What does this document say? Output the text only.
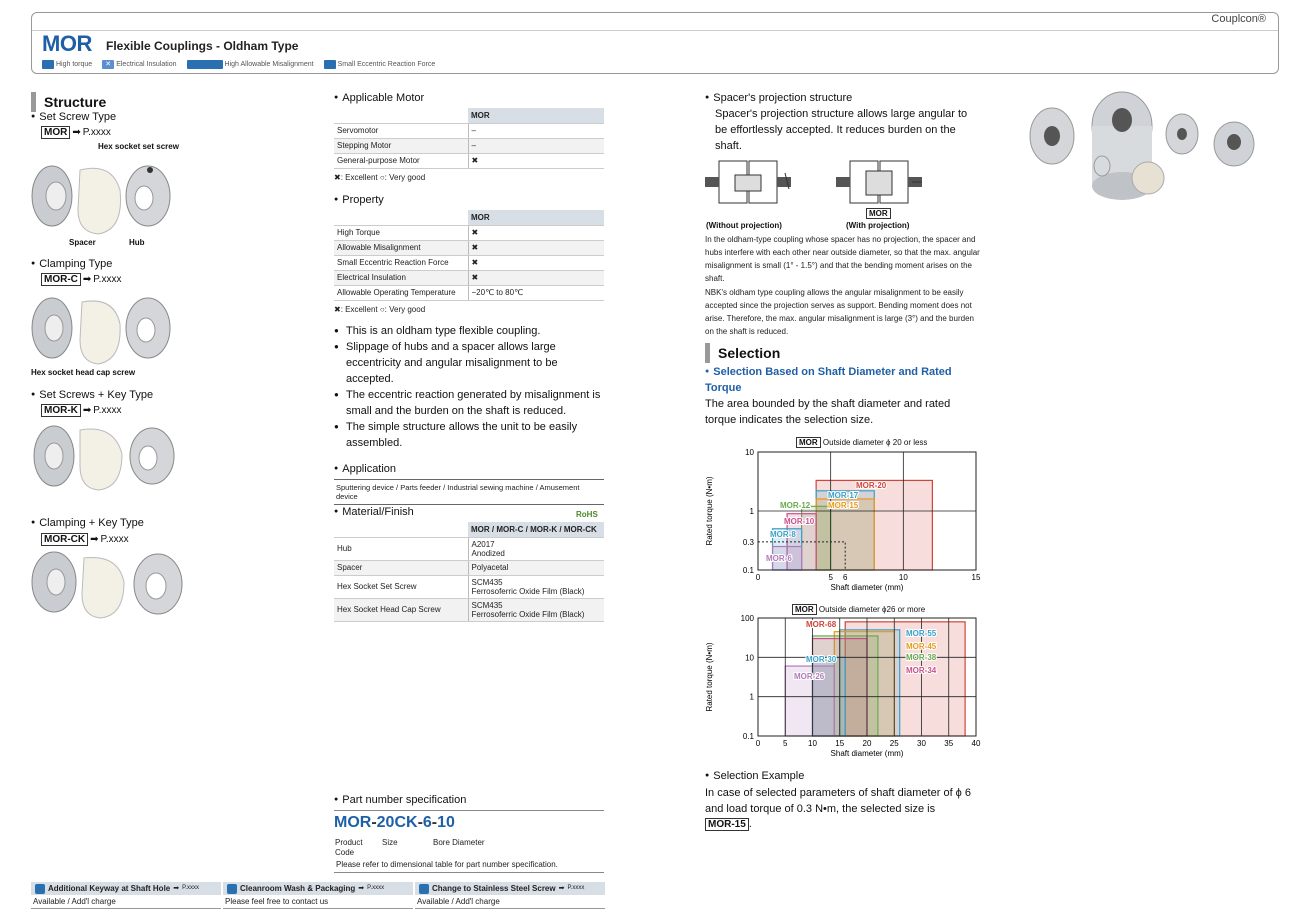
Couplcon®
MOR Flexible Couplings - Oldham Type
High torque	✕ Electrical Insulation	High Allowable Misalignment	Small Eccentric Reaction Force
Structure
● Set Screw Type
MOR ➡ P.xxxx
Hex socket set screw
Spacer	Hub
● Clamping Type
MOR-C ➡ P.xxxx
Hex socket head cap screw
● Set Screws + Key Type
MOR-K ➡ P.xxxx
● Clamping + Key Type
MOR-CK ➡ P.xxxx
● Applicable Motor
	MOR
Servomotor	–
Stepping Motor	–
General-purpose Motor	✖
✖: Excellent ○: Very good
● Property
	MOR
High Torque	✖
Allowable Misalignment	✖
Small Eccentric Reaction Force	✖
Electrical Insulation	✖
Allowable Operating Temperature	−20℃ to 80℃
✖: Excellent ○: Very good
● This is an oldham type flexible coupling.
● Slippage of hubs and a spacer allows large eccentricity and angular misalignment to be accepted.
● The eccentric reaction generated by misalignment is small and the burden on the shaft is reduced.
● The simple structure allows the unit to be easily assembled.
● Application
Sputtering device / Parts feeder / Industrial sewing machine / Amusement device
● Material/Finish	RoHS
	MOR / MOR-C / MOR-K / MOR-CK
Hub	A2017
Anodized

Spacer	Polyacetal
Hex Socket Set Screw	SCM435
Ferrosoferric Oxide Film (Black)

Hex Socket Head Cap Screw	SCM435
Ferrosoferric Oxide Film (Black)
● Part number specification
MOR-20CK-6-10
Product Code
Size	Bore Diameter
Please refer to dimensional table for part number specification.
Additional Keyway at Shaft Hole ➡ P.xxxx
Available / Add'l charge
Cleanroom Wash & Packaging ➡ P.xxxx
Please feel free to contact us
Change to Stainless Steel Screw ➡ P.xxxx
Available / Add'l charge
● Spacer's projection structure
Spacer's projection structure allows large angular to be effortlessly accepted. It reduces burden on the shaft.
(Without projection)
MOR
(With projection)
In the oldham-type coupling whose spacer has no projection, the spacer and hubs interfere with each other near outside diameter, so that the max. angular misalignment is small (1° - 1.5°) and that the bending moment arises on the shaft.
NBK's oldham type coupling allows the angular misalignment to be easily accepted since the projection serves as support. Bending moment does not arise. Therefore, the max. angular misalignment is large (3°) and the burden on the shaft is reduced.
Selection
● Selection Based on Shaft Diameter and Rated Torque
The area bounded by the shaft diameter and rated torque indicates the selection size.
MOR Outside diameter ϕ 20 or less
0.1
0.3
1
10
0	5	10	15
6
Shaft diameter (mm)
Rated torque (N•m)
MOR-6
MOR-8
MOR-10
MOR-12 MOR-15
MOR-17
MOR-20
MOR Outside diameter ϕ26 or more
0.1
1
10
100
0	5	10 15 20 25 30 35 40
Shaft diameter (mm)
Rated torque (N•m)	MOR-26
MOR-30
MOR-34
MOR-38
MOR-45
MOR-55
MOR-68
● Selection Example
In case of selected parameters of shaft diameter of ϕ 6 and load torque of 0.3 N•m, the selected size is
MOR-15 .
